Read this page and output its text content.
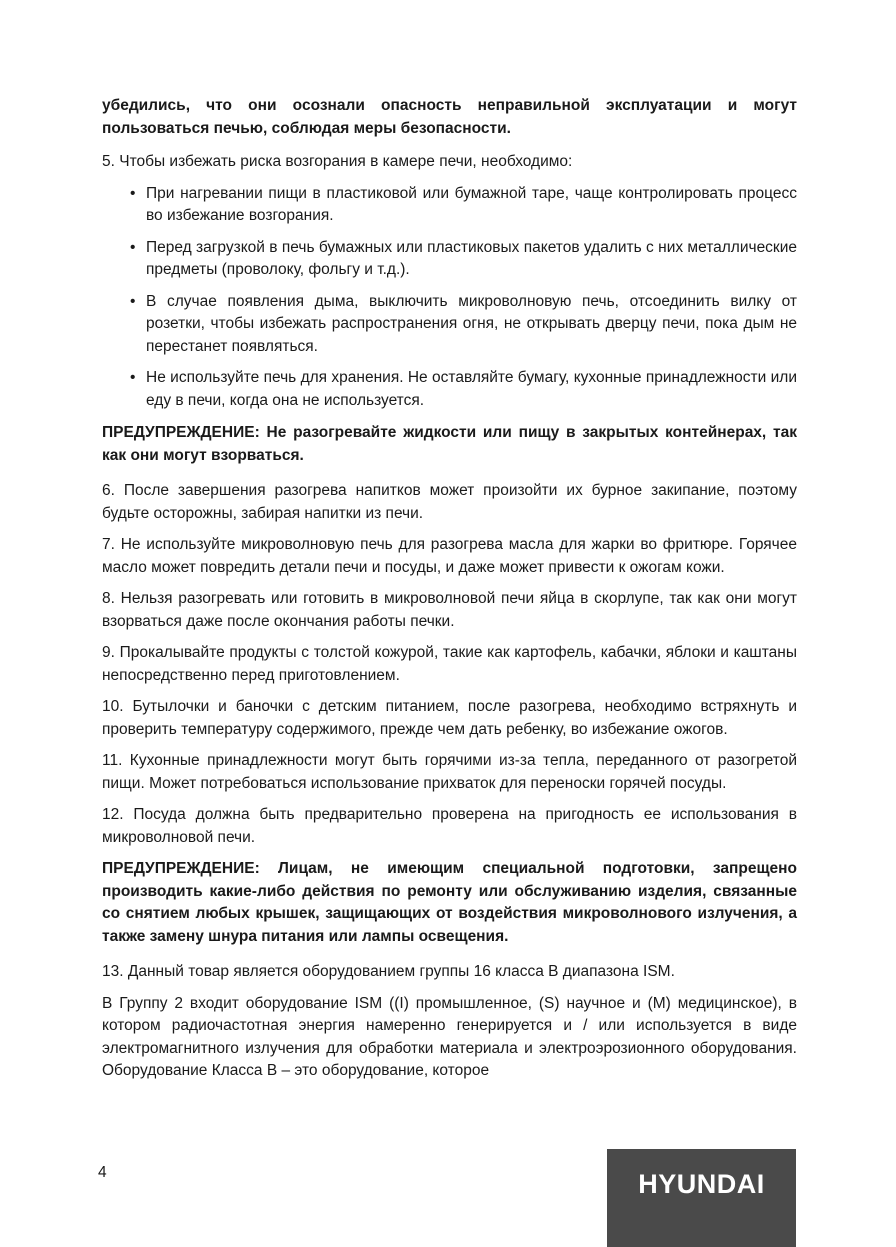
убедились, что они осознали опасность неправильной эксплуатации и могут пользоваться печью, соблюдая меры безопасности.

5. Чтобы избежать риска возгорания в камере печи, необходимо:

• При нагревании пищи в пластиковой или бумажной таре, чаще контролировать процесс во избежание возгорания.
• Перед загрузкой в печь бумажных или пластиковых пакетов удалить с них металлические предметы (проволоку, фольгу и т.д.).
• В случае появления дыма, выключить микроволновую печь, отсоединить вилку от розетки, чтобы избежать распространения огня, не открывать дверцу печи, пока дым не перестанет появляться.
• Не используйте печь для хранения. Не оставляйте бумагу, кухонные принадлежности или еду в печи, когда она не используется.

ПРЕДУПРЕЖДЕНИЕ: Не разогревайте жидкости или пищу в закрытых контейнерах, так как они могут взорваться.

6. После завершения разогрева напитков может произойти их бурное закипание, поэтому будьте осторожны, забирая напитки из печи.

7. Не используйте микроволновую печь для разогрева масла для жарки во фритюре. Горячее масло может повредить детали печи и посуды, и даже может привести к ожогам кожи.

8. Нельзя разогревать или готовить в микроволновой печи яйца в скорлупе, так как они могут взорваться даже после окончания работы печки.

9. Прокалывайте продукты с толстой кожурой, такие как картофель, кабачки, яблоки и каштаны непосредственно перед приготовлением.

10. Бутылочки и баночки с детским питанием, после разогрева, необходимо встряхнуть и проверить температуру содержимого, прежде чем дать ребенку, во избежание ожогов.

11. Кухонные принадлежности могут быть горячими из-за тепла, переданного от разогретой пищи. Может потребоваться использование прихваток для переноски горячей посуды.

12. Посуда должна быть предварительно проверена на пригодность ее использования в микроволновой печи.

ПРЕДУПРЕЖДЕНИЕ: Лицам, не имеющим специальной подготовки, запрещено производить какие-либо действия по ремонту или обслуживанию изделия, связанные со снятием любых крышек, защищающих от воздействия микроволнового излучения, а также замену шнура питания или лампы освещения.

13. Данный товар является оборудованием группы 16 класса В диапазона ISM.

В Группу 2 входит оборудование ISM ((I) промышленное, (S) научное и (M) медицинское), в котором радиочастотная энергия намеренно генерируется и / или используется в виде электромагнитного излучения для обработки материала и электроэрозионного оборудования. Оборудование Класса В – это оборудование, которое

4	HYUNDAI
